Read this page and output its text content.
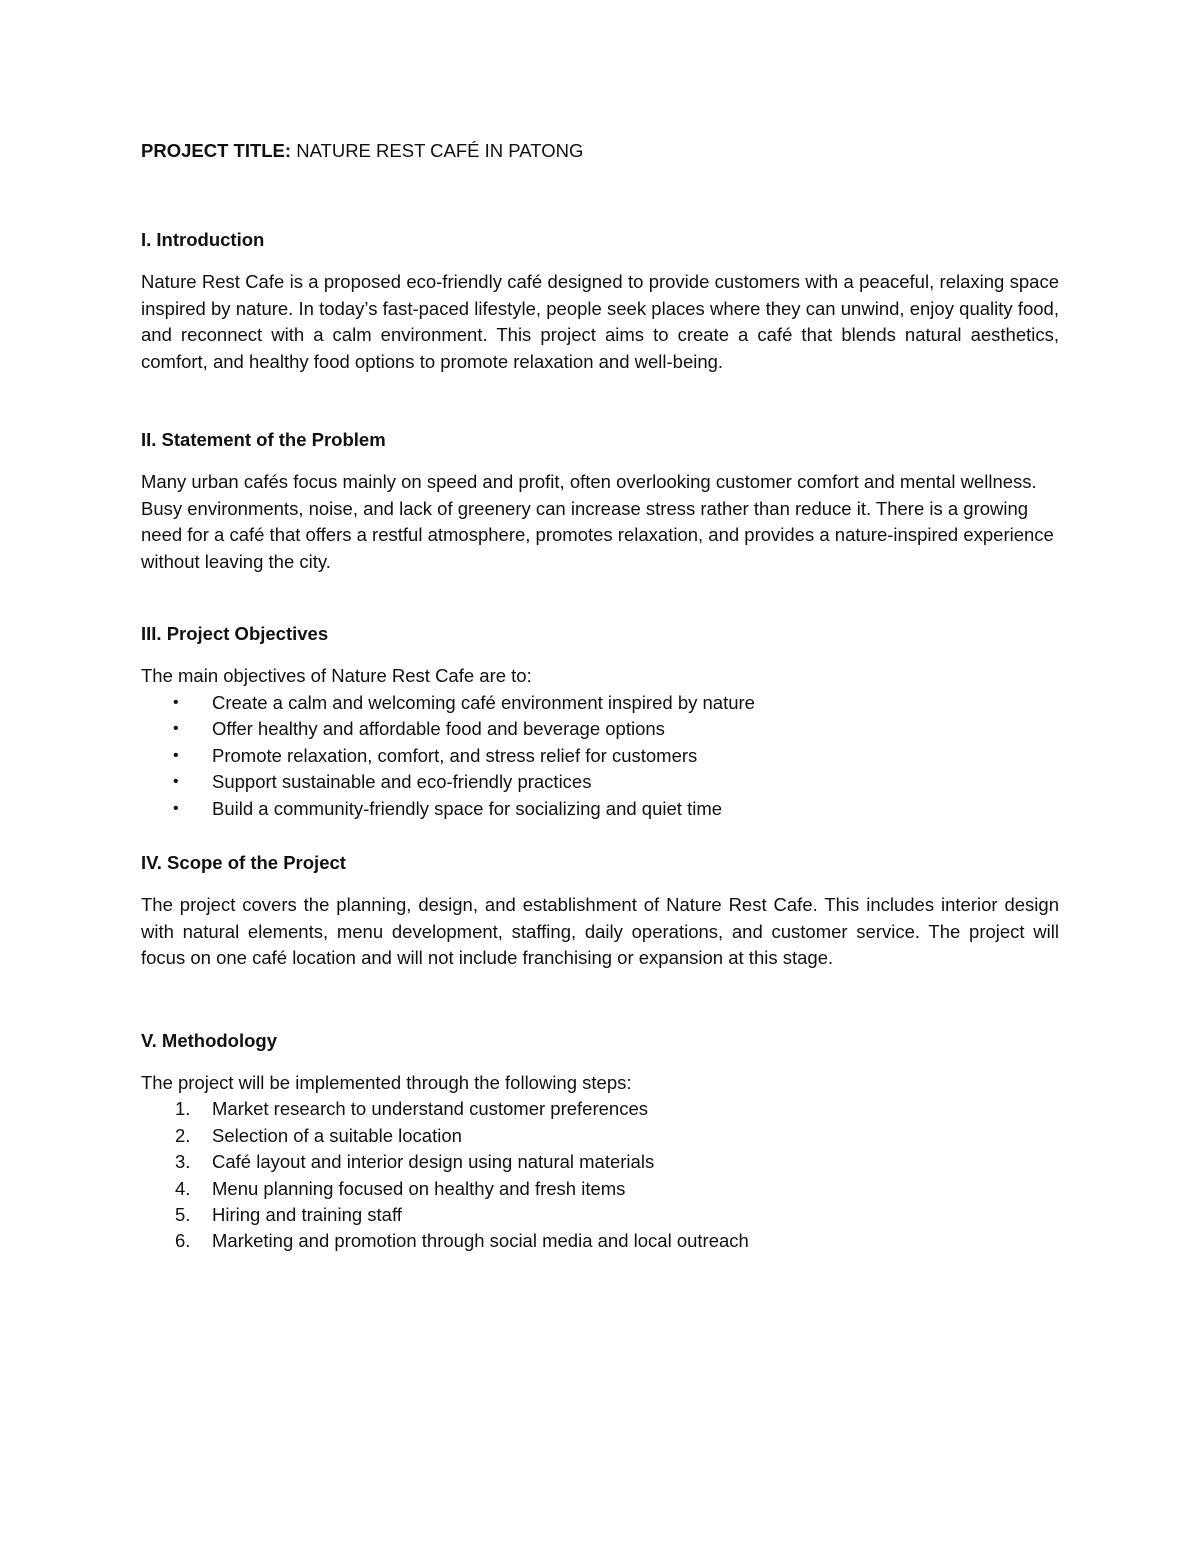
PROJECT TITLE: NATURE REST CAFÉ IN PATONG

I. Introduction

Nature Rest Cafe is a proposed eco-friendly café designed to provide customers with a peaceful, relaxing space inspired by nature. In today’s fast-paced lifestyle, people seek places where they can unwind, enjoy quality food, and reconnect with a calm environment. This project aims to create a café that blends natural aesthetics, comfort, and healthy food options to promote relaxation and well-being.

II. Statement of the Problem

Many urban cafés focus mainly on speed and profit, often overlooking customer comfort and mental wellness. Busy environments, noise, and lack of greenery can increase stress rather than reduce it. There is a growing need for a café that offers a restful atmosphere, promotes relaxation, and provides a nature-inspired experience without leaving the city.

III. Project Objectives

The main objectives of Nature Rest Cafe are to:

• Create a calm and welcoming café environment inspired by nature
• Offer healthy and affordable food and beverage options
• Promote relaxation, comfort, and stress relief for customers
• Support sustainable and eco-friendly practices
• Build a community-friendly space for socializing and quiet time

IV. Scope of the Project

The project covers the planning, design, and establishment of Nature Rest Cafe. This includes interior design with natural elements, menu development, staffing, daily operations, and customer service. The project will focus on one café location and will not include franchising or expansion at this stage.

V. Methodology

The project will be implemented through the following steps:

1. Market research to understand customer preferences
2. Selection of a suitable location
3. Café layout and interior design using natural materials
4. Menu planning focused on healthy and fresh items
5. Hiring and training staff
6. Marketing and promotion through social media and local outreach
